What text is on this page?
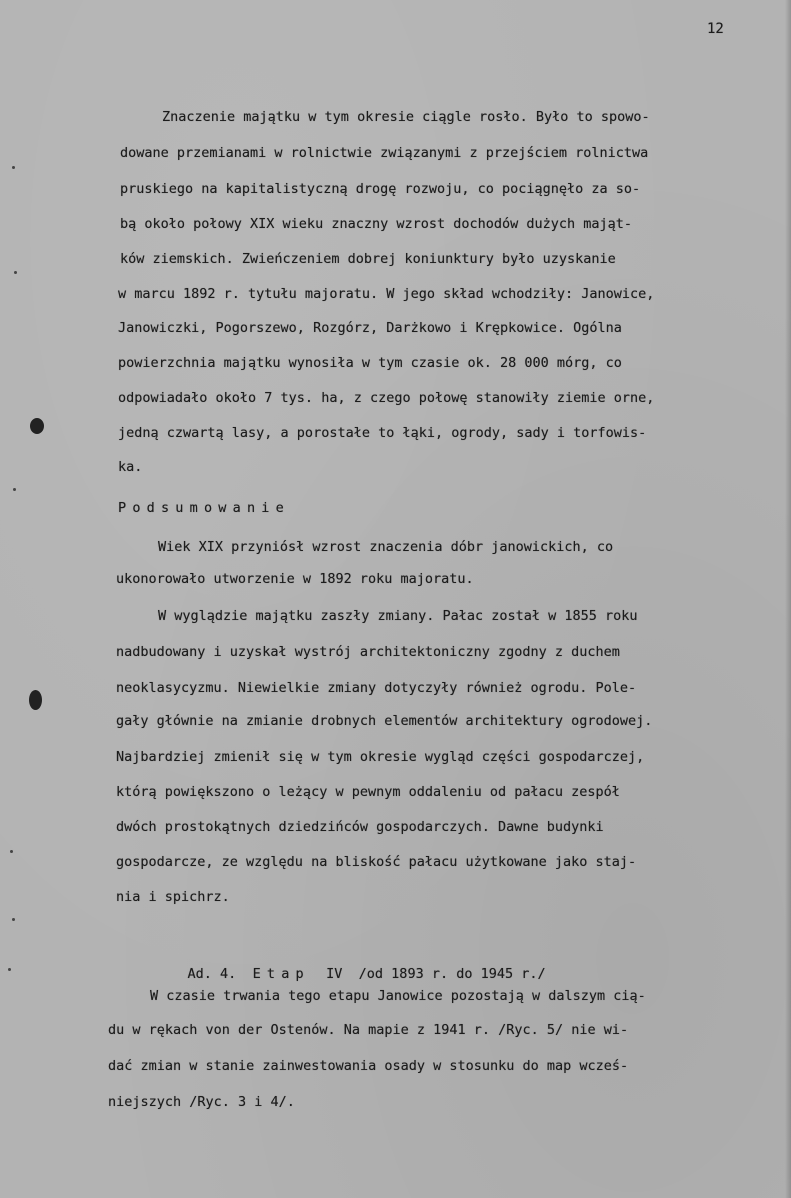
12
Znaczenie majątku w tym okresie ciągle rosło. Było to spowo-
dowane przemianami w rolnictwie związanymi z przejściem rolnictwa
pruskiego na kapitalistyczną drogę rozwoju, co pociągnęło za so-
bą około połowy XIX wieku znaczny wzrost dochodów dużych mająt-
ków ziemskich. Zwieńczeniem dobrej koniunktury było uzyskanie
w marcu 1892 r. tytułu majoratu. W jego skład wchodziły: Janowice,
Janowiczki, Pogorszewo, Rozgórz, Darżkowo i Krępkowice. Ogólna
powierzchnia majątku wynosiła w tym czasie ok. 28 000 mórg, co
odpowiadało około 7 tys. ha, z czego połowę stanowiły ziemie orne,
jedną czwartą lasy, a porostałe to łąki, ogrody, sady i torfowis-
ka.
Podsumowanie
Wiek XIX przyniósł wzrost znaczenia dóbr janowickich, co
ukonorowało utworzenie w 1892 roku majoratu.
W wyglądzie majątku zaszły zmiany. Pałac został w 1855 roku
nadbudowany i uzyskał wystrój architektoniczny zgodny z duchem
neoklasycyzmu. Niewielkie zmiany dotyczyły również ogrodu. Pole-
gały głównie na zmianie drobnych elementów architektury ogrodowej.
Najbardziej zmienił się w tym okresie wygląd części gospodarczej,
którą powiększono o leżący w pewnym oddaleniu od pałacu zespół
dwóch prostokątnych dziedzińców gospodarczych. Dawne budynki
gospodarcze, ze względu na bliskość pałacu użytkowane jako staj-
nia i spichrz.

Ad. 4. Etap IV /od 1893 r. do 1945 r./

W czasie trwania tego etapu Janowice pozostają w dalszym cią-
du w rękach von der Ostenów. Na mapie z 1941 r. /Ryc. 5/ nie wi-
dać zmian w stanie zainwestowania osady w stosunku do map wcześ-
niejszych /Ryc. 3 i 4/.
